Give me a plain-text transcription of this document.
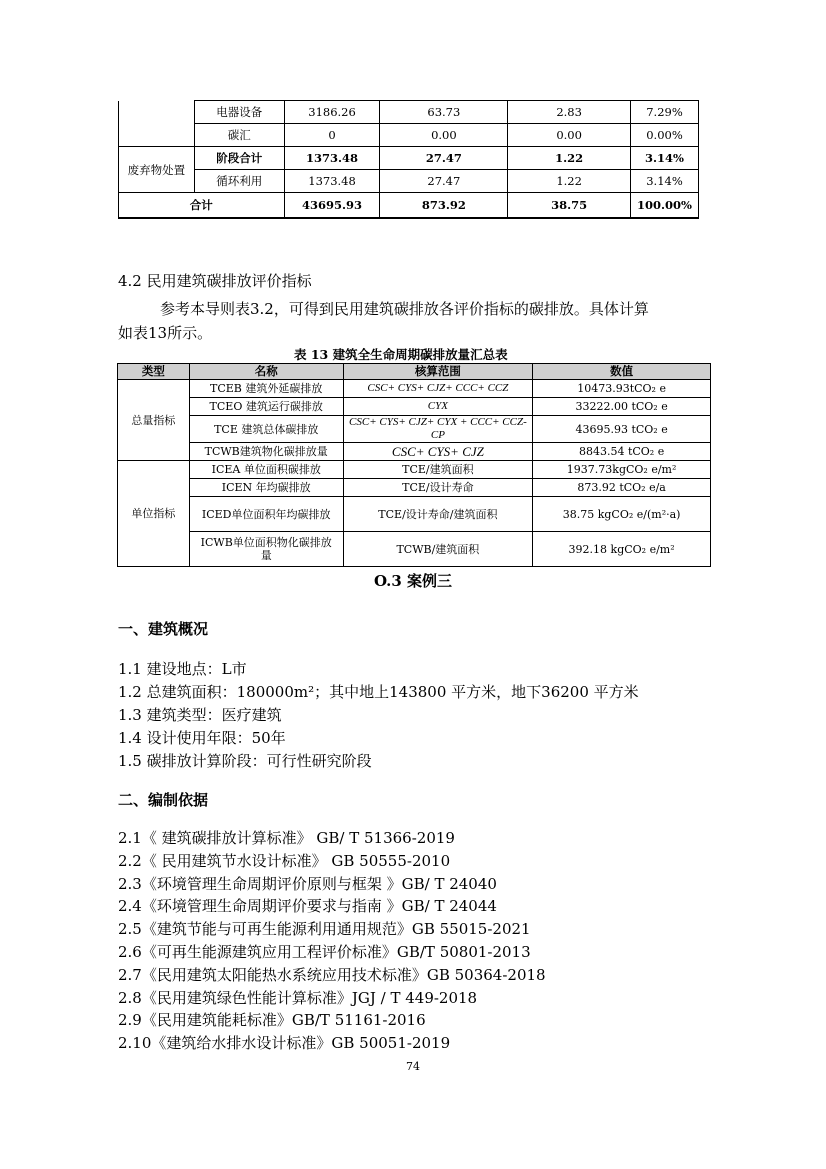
	电器设备	3186.26	63.73	2.83	7.29%
	碳汇	0	0.00	0.00	0.00%
废弃物处置	阶段合计	1373.48	27.47	1.22	3.14%
	循环利用	1373.48	27.47	1.22	3.14%
合计		43695.93	873.92	38.75	100.00%
4.2 民用建筑碳排放评价指标
参考本导则表3.2，可得到民用建筑碳排放各评价指标的碳排放。具体计算
如表13所示。
表 13 建筑全生命周期碳排放量汇总表
类型	名称	核算范围	数值
总量指标	TCEB 建筑外延碳排放	CSC+ CYS+ CJZ+ CCC+ CCZ	10473.93tCO₂ e
	TCEO 建筑运行碳排放	CYX	33222.00 tCO₂ e
	TCE 建筑总体碳排放	CSC+ CYS+ CJZ+ CYX + CCC+ CCZ-CP	43695.93 tCO₂ e
	TCWB建筑物化碳排放量	CSC+ CYS+ CJZ	8843.54 tCO₂ e
单位指标	ICEA 单位面积碳排放	TCE/建筑面积	1937.73kgCO₂ e/m²
	ICEN 年均碳排放	TCE/设计寿命	873.92 tCO₂ e/a
	ICED单位面积年均碳排放	TCE/设计寿命/建筑面积	38.75 kgCO₂ e/(m²·a)
	ICWB单位面积物化碳排放量	TCWB/建筑面积	392.18 kgCO₂ e/m²
O.3 案例三
一、建筑概况
1.1 建设地点：L市
1.2 总建筑面积：180000m²；其中地上143800 平方米，地下36200 平方米
1.3 建筑类型：医疗建筑
1.4 设计使用年限：50年
1.5 碳排放计算阶段：可行性研究阶段
二、编制依据
2.1《 建筑碳排放计算标准》 GB/ T 51366-2019
2.2《 民用建筑节水设计标准》 GB 50555-2010
2.3《环境管理生命周期评价原则与框架 》GB/ T 24040
2.4《环境管理生命周期评价要求与指南 》GB/ T 24044
2.5《建筑节能与可再生能源利用通用规范》GB 55015-2021
2.6《可再生能源建筑应用工程评价标准》GB/T 50801-2013
2.7《民用建筑太阳能热水系统应用技术标准》GB 50364-2018
2.8《民用建筑绿色性能计算标准》JGJ / T 449-2018
2.9《民用建筑能耗标准》GB/T 51161-2016
2.10《建筑给水排水设计标准》GB 50051-2019
74
